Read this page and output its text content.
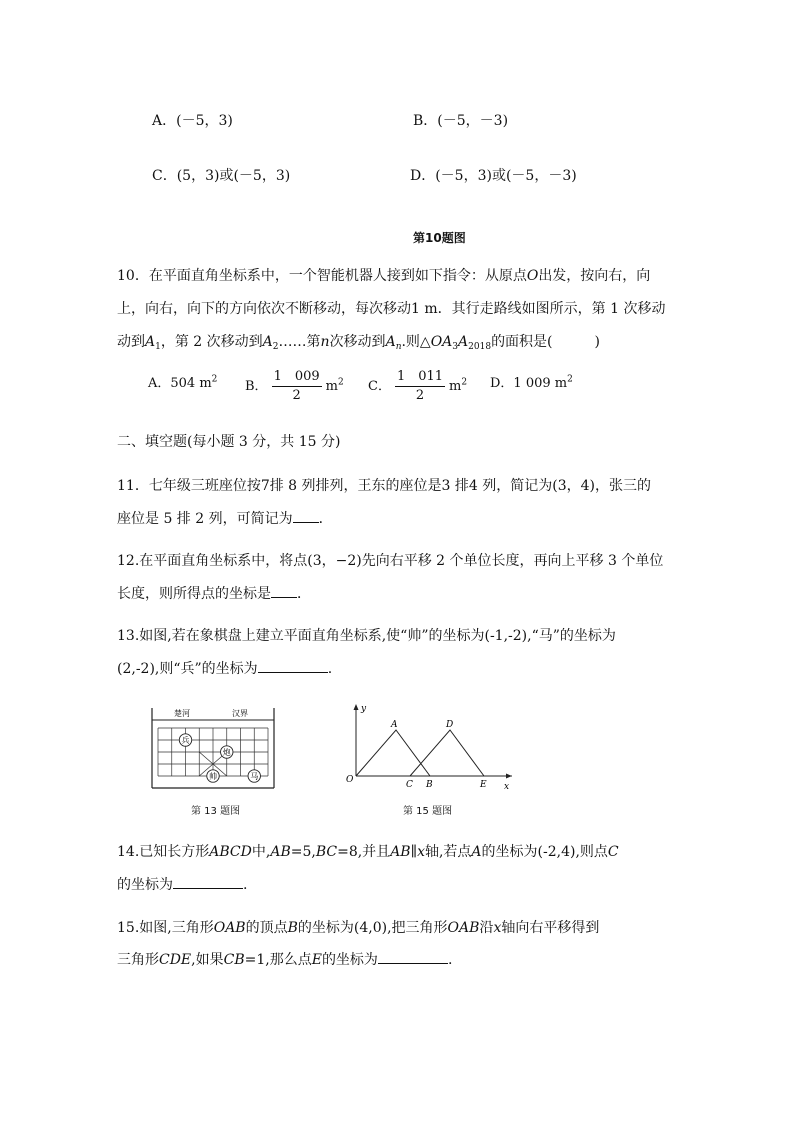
A．(－5，3)	B．(－5，－3)
C．(5，3)或(－5，3)	D．(－5，3)或(－5，－3)
第10题图
10．在平面直角坐标系中，一个智能机器人接到如下指令：从原点O出发，按向右，向
上，向右，向下的方向依次不断移动，每次移动1 m．其行走路线如图所示，第 1 次移动
动到$A_1$，第 2 次移动到$A_2\dots\dots$第n次移动到$A_n$.则$\triangle OA_3A_{2018}$的面积是(　　　)
A．504 $m^2$ B． $\frac{1 009}{2} m^2$ C． $\frac{1 011}{2} m^2$ D．1 009 $m^2$
二、填空题(每小题 3 分，共 15 分)
11．七年级三班座位按7排 8 列排列，王东的座位是3 排4 列，简记为(3，4)，张三的
座位是 5 排 2 列，可简记为 ．
12.在平面直角坐标系中，将点(3，−2)先向右平移 2 个单位长度，再向上平移 3 个单位
长度，则所得点的坐标是 ．
13.如图,若在象棋盘上建立平面直角坐标系,使“帅”的坐标为(-1,-2),“马”的坐标为
(2,-2),则“兵”的坐标为	.
楚河	汉界
兵
炮
帅	马
第 13 题图
y
x
O
A	D
C B	E
第 15 题图
14.已知长方形ABCD中,AB=5,BC=8,并且AB∥x轴,若点A的坐标为(-2,4),则点C
的坐标为	.
15.如图,三角形OAB的顶点B的坐标为(4,0),把三角形OAB沿x轴向右平移得到
三角形CDE,如果CB=1,那么点E的坐标为	.
